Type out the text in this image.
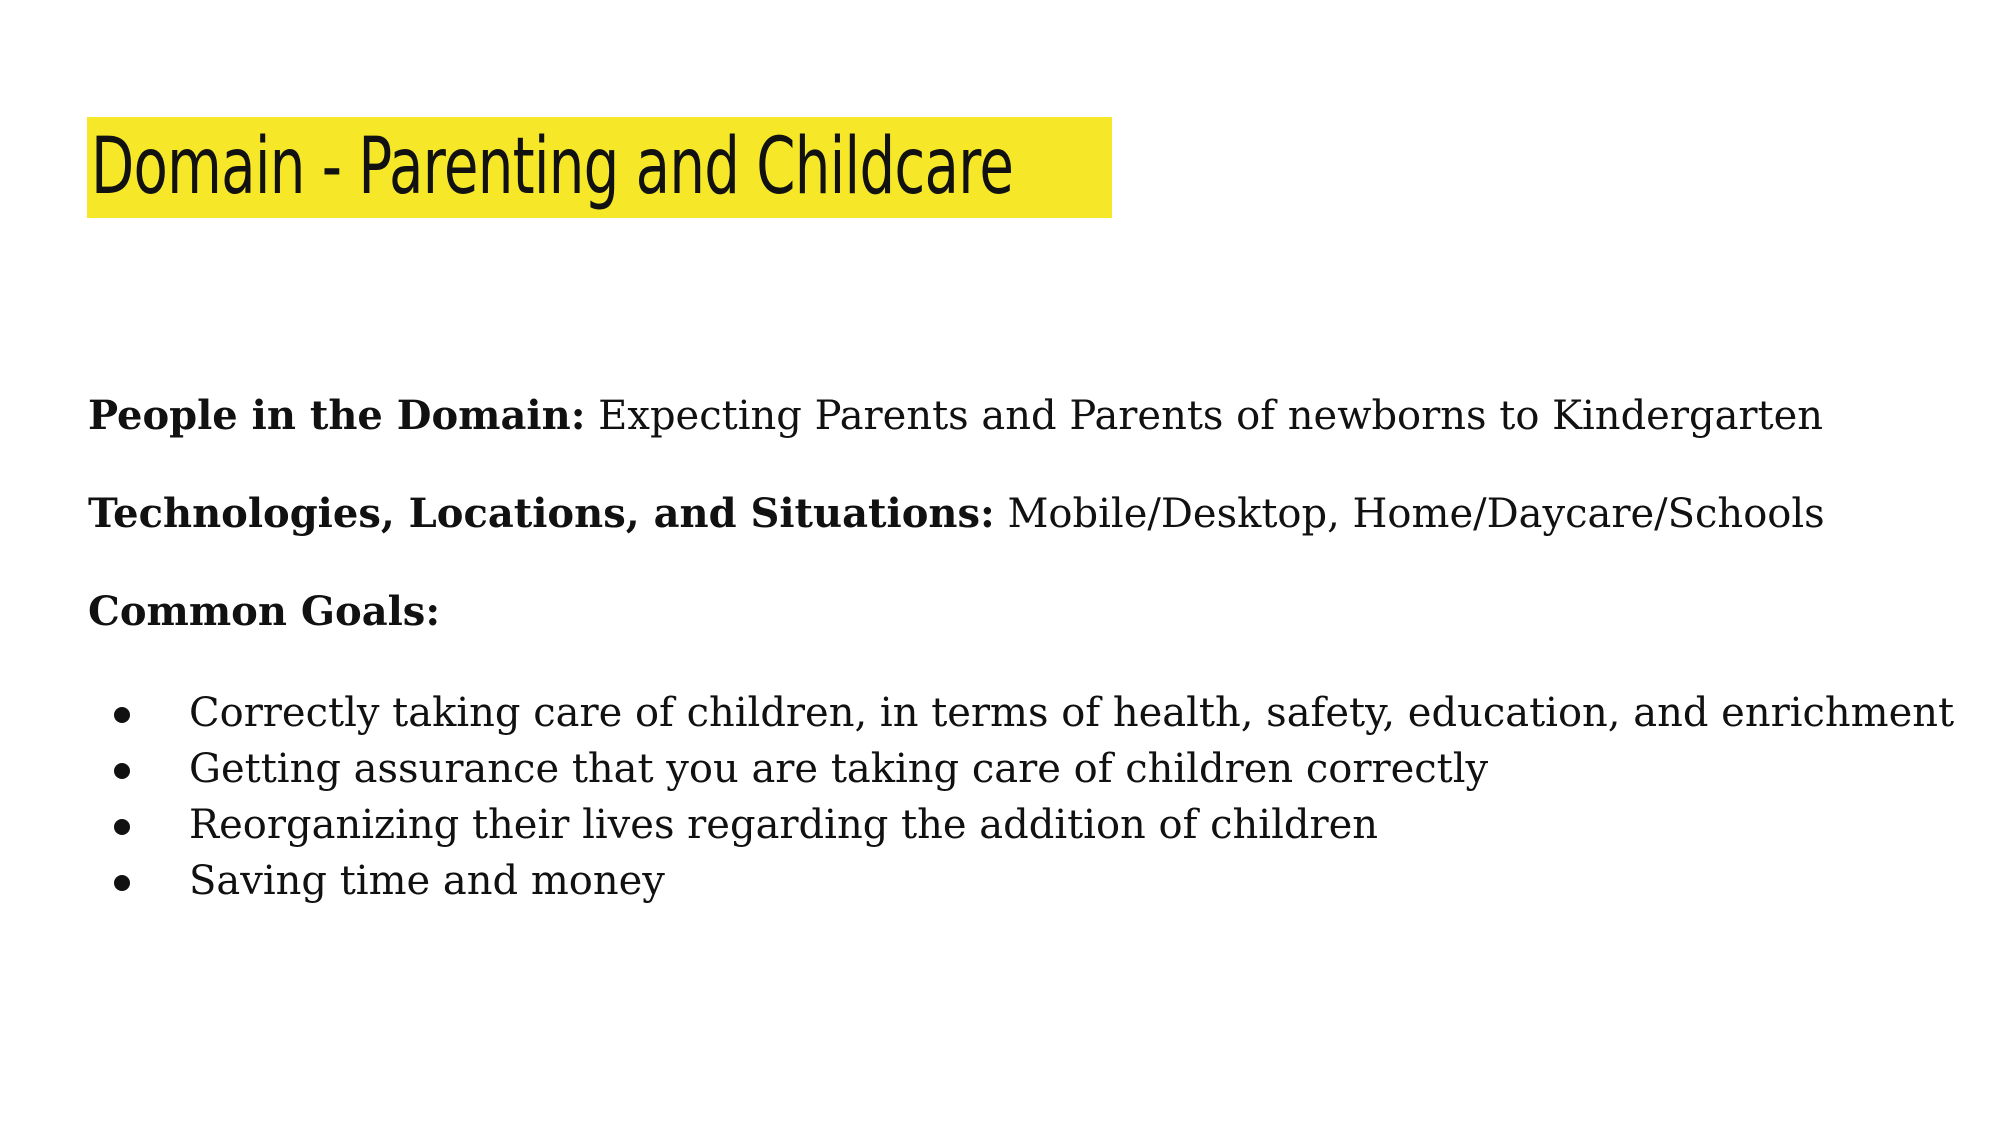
Domain - Parenting and Childcare
People in the Domain: Expecting Parents and Parents of newborns to Kindergarten
Technologies, Locations, and Situations: Mobile/Desktop, Home/Daycare/Schools
Common Goals:
Correctly taking care of children, in terms of health, safety, education, and enrichment
Getting assurance that you are taking care of children correctly
Reorganizing their lives regarding the addition of children
Saving time and money
